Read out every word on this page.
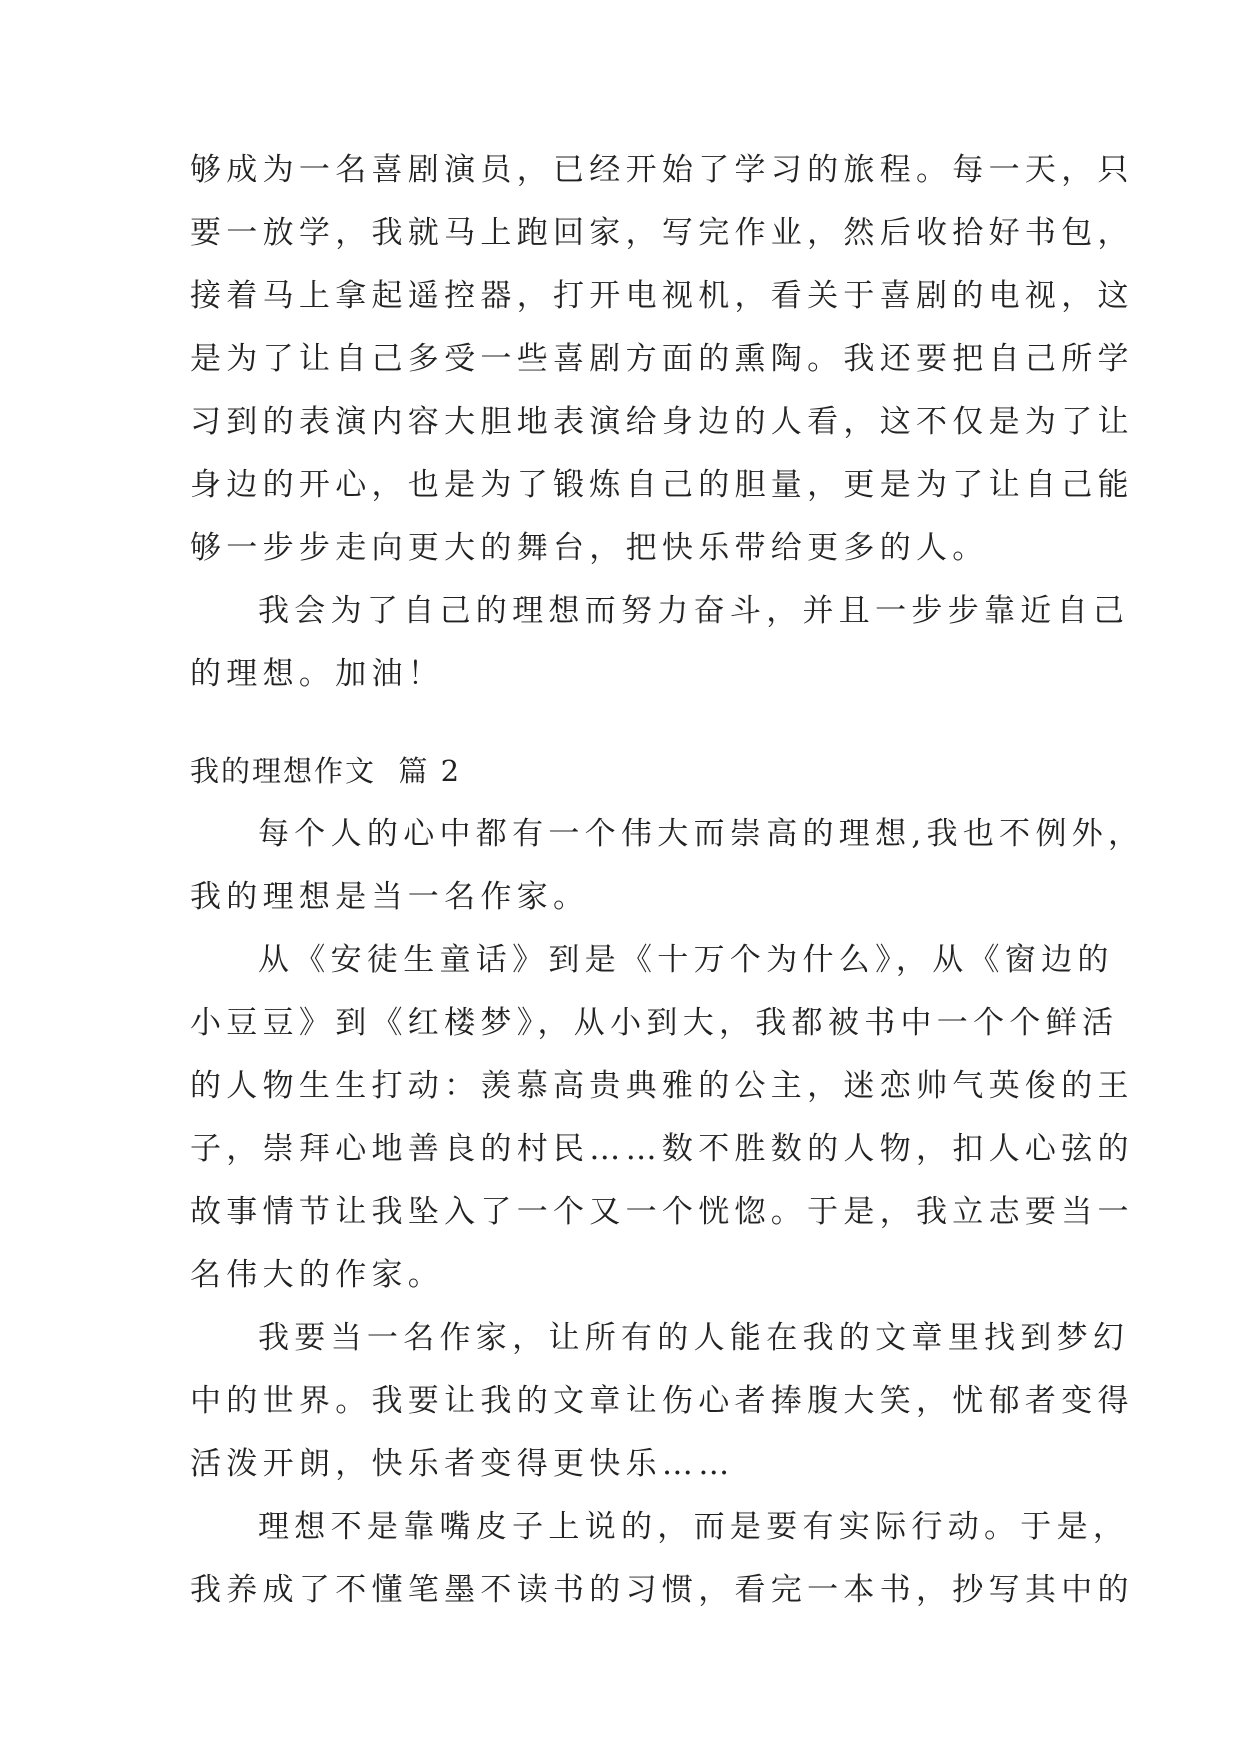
够成为一名喜剧演员，已经开始了学习的旅程。每一天，只
要一放学，我就马上跑回家，写完作业，然后收拾好书包，
接着马上拿起遥控器，打开电视机，看关于喜剧的电视，这
是为了让自己多受一些喜剧方面的熏陶。我还要把自己所学
习到的表演内容大胆地表演给身边的人看，这不仅是为了让
身边的开心，也是为了锻炼自己的胆量，更是为了让自己能
够一步步走向更大的舞台，把快乐带给更多的人。
我会为了自己的理想而努力奋斗，并且一步步靠近自己
的理想。加油！
我的理想作文  篇 2
每个人的心中都有一个伟大而崇高的理想,我也不例外，
我的理想是当一名作家。
从《安徒生童话》到是《十万个为什么》，从《窗边的
小豆豆》到《红楼梦》，从小到大，我都被书中一个个鲜活
的人物生生打动：羡慕高贵典雅的公主，迷恋帅气英俊的王
子，崇拜心地善良的村民……数不胜数的人物，扣人心弦的
故事情节让我坠入了一个又一个恍惚。于是，我立志要当一
名伟大的作家。
我要当一名作家，让所有的人能在我的文章里找到梦幻
中的世界。我要让我的文章让伤心者捧腹大笑，忧郁者变得
活泼开朗，快乐者变得更快乐……
理想不是靠嘴皮子上说的，而是要有实际行动。于是，
我养成了不懂笔墨不读书的习惯，看完一本书，抄写其中的
